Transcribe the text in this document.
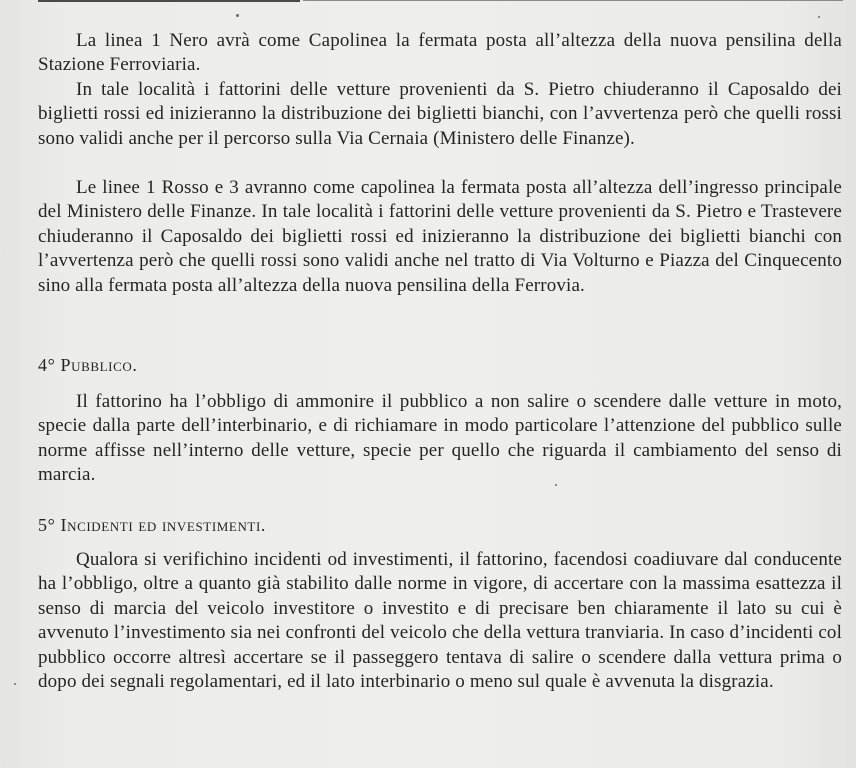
La linea 1 Nero avrà come Capolinea la fermata posta all’altezza della nuova pensilina della Stazione Ferroviaria.

In tale località i fattorini delle vetture provenienti da S. Pietro chiuderanno il Caposaldo dei biglietti rossi ed inizieranno la distribuzione dei biglietti bianchi, con l’avvertenza però che quelli rossi sono validi anche per il percorso sulla Via Cernaia (Ministero delle Finanze).

Le linee 1 Rosso e 3 avranno come capolinea la fermata posta all’altezza dell’ingresso principale del Ministero delle Finanze. In tale località i fattorini delle vetture provenienti da S. Pietro e Trastevere chiuderanno il Caposaldo dei biglietti rossi ed inizieranno la distribuzione dei biglietti bianchi con l’avvertenza però che quelli rossi sono validi anche nel tratto di Via Volturno e Piazza del Cinquecento sino alla fermata posta all’altezza della nuova pensilina della Ferrovia.

4° Pubblico.

Il fattorino ha l’obbligo di ammonire il pubblico a non salire o scendere dalle vetture in moto, specie dalla parte dell’interbinario, e di richiamare in modo particolare l’attenzione del pubblico sulle norme affisse nell’interno delle vetture, specie per quello che riguarda il cambiamento del senso di marcia.

5° Incidenti ed investimenti.

Qualora si verifichino incidenti od investimenti, il fattorino, facendosi coadiuvare dal conducente ha l’obbligo, oltre a quanto già stabilito dalle norme in vigore, di accertare con la massima esattezza il senso di marcia del veicolo investitore o investito e di precisare ben chiaramente il lato su cui è avvenuto l’investimento sia nei confronti del veicolo che della vettura tranviaria. In caso d’incidenti col pubblico occorre altresì accertare se il passeggero tentava di salire o scendere dalla vettura prima o dopo dei segnali regolamentari, ed il lato interbinario o meno sul quale è avvenuta la disgrazia.
